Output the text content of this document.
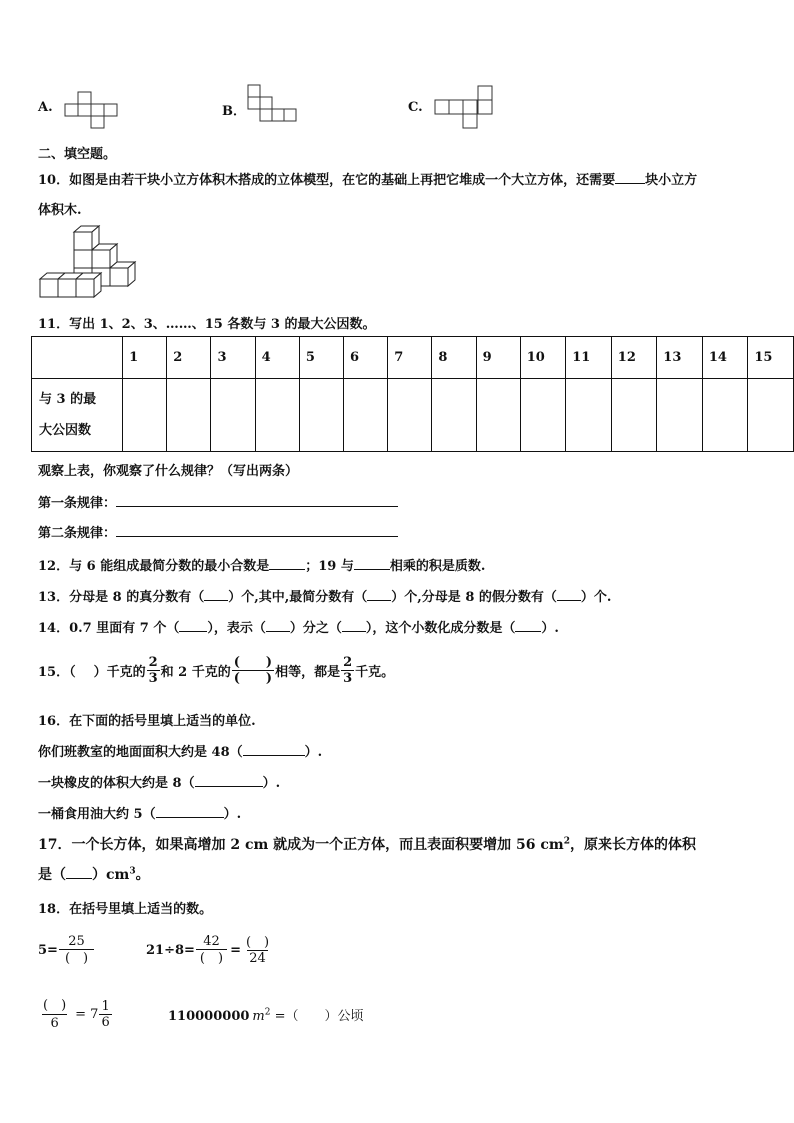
A.	B．	C.
二、填空题。
10．如图是由若干块小立方体积木搭成的立体模型，在它的基础上再把它堆成一个大立方体，还需要 块小立方
体积木.
11．写出 1、2、3、……、15 各数与 3 的最大公因数。
	1	2	3	4	5	6	7	8	9	10	11	12	13	14	15

与 3 的最
大公因数															

观察上表，你观察了什么规律？（写出两条）
第一条规律：
第二条规律：
12．与 6 能组成最简分数的最小合数是	；19 与	相乘的积是质数.
13．分母是 8 的真分数有（ ）个,其中,最简分数有（ ）个,分母是 8 的假分数有（ ）个.
14．0.7 里面有 7 个（ ），表示（ ）分之（ ），这个小数化成分数是（ ）.
15．（ ）千克的 $\frac{2}{3}$ 和 2 千克的 $\frac{( )}{( )}$ 相等，都是 $\frac{2}{3}$ 千克。
16．在下面的括号里填上适当的单位.
你们班教室的地面面积大约是 48（	）.
一块橡皮的体积大约是 8（	）.
一桶食用油大约 5（	）.
17．一个长方体，如果高增加 2 cm 就成为一个正方体，而且表面积要增加 56 $cm^2$，原来长方体的体积
是（ ）$cm^3$。
18．在括号里填上适当的数。
$5= \frac{25}{( )}$	$21\div 8= \frac{42}{( )} = \frac{( )}{24}$
$\frac{( )}{6} = 7 \frac{1}{6}$	110000000 $m^2$ =（　　）公顷
